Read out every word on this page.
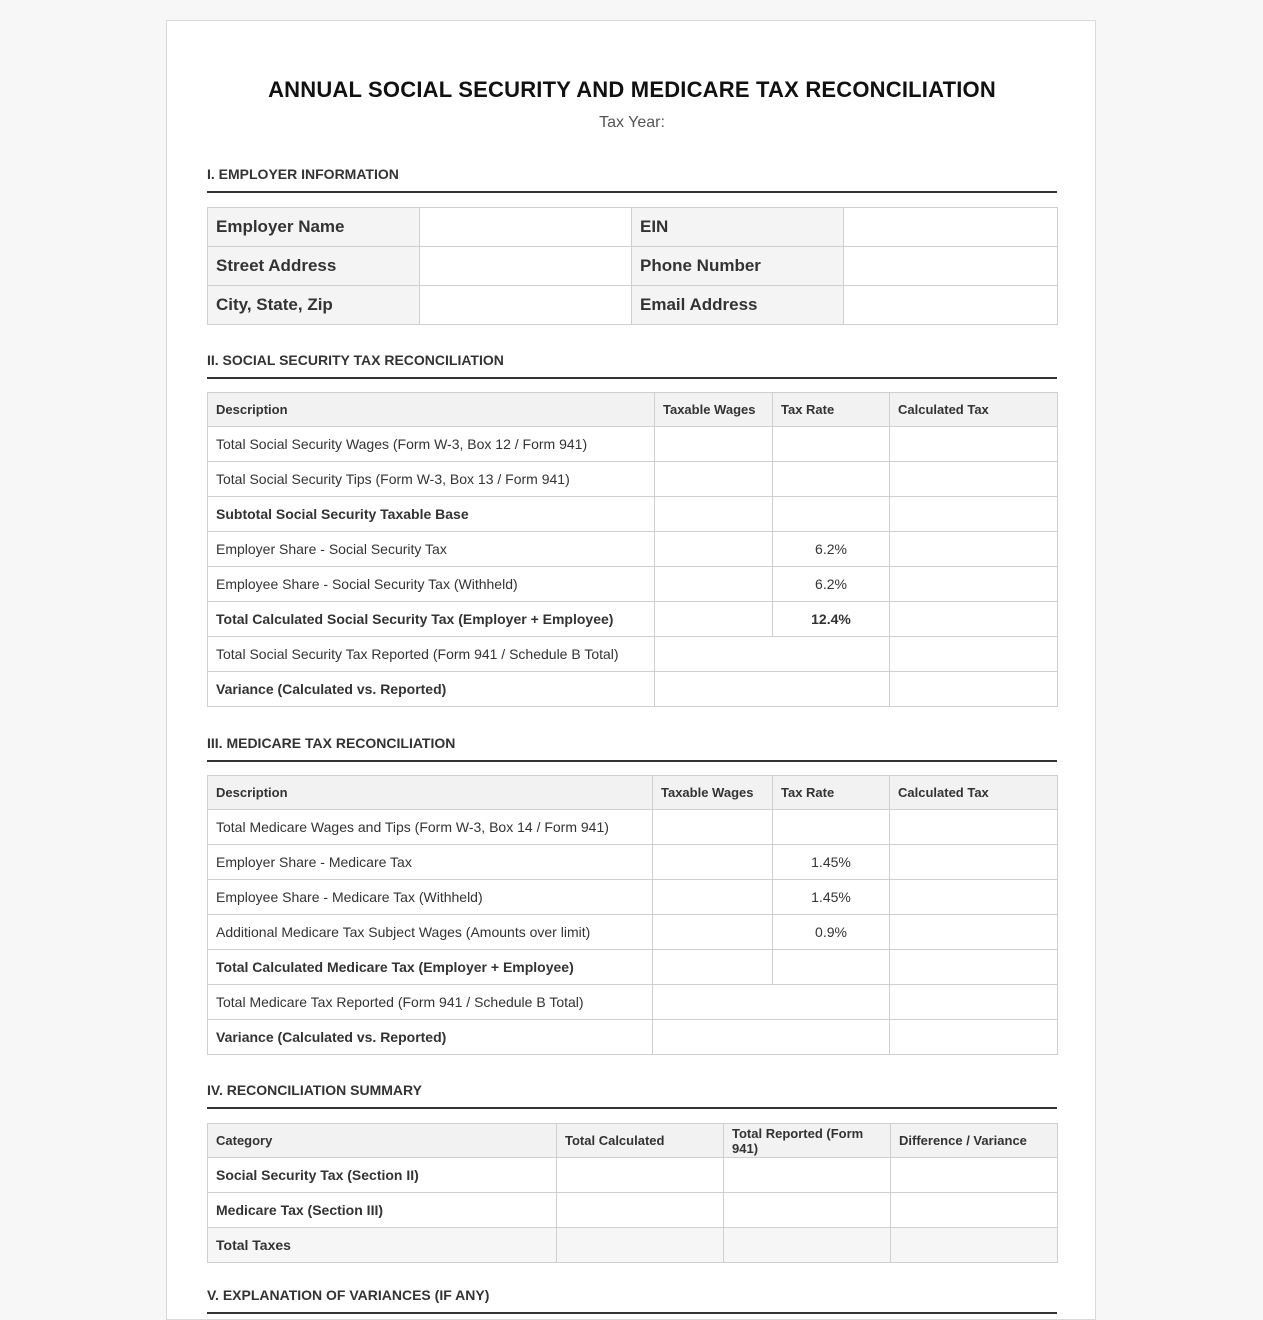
ANNUAL SOCIAL SECURITY AND MEDICARE TAX RECONCILIATION
Tax Year:
I. EMPLOYER INFORMATION
Employer Name		EIN	
Street Address		Phone Number	
City, State, Zip		Email Address	
II. SOCIAL SECURITY TAX RECONCILIATION
Description	Taxable Wages	Tax Rate	Calculated Tax
Total Social Security Wages (Form W-3, Box 12 / Form 941)			
Total Social Security Tips (Form W-3, Box 13 / Form 941)			
Subtotal Social Security Taxable Base			
Employer Share - Social Security Tax		6.2%	
Employee Share - Social Security Tax (Withheld)		6.2%	
Total Calculated Social Security Tax (Employer + Employee)		12.4%	
Total Social Security Tax Reported (Form 941 / Schedule B Total)			
Variance (Calculated vs. Reported)			
III. MEDICARE TAX RECONCILIATION
Description	Taxable Wages	Tax Rate	Calculated Tax
Total Medicare Wages and Tips (Form W-3, Box 14 / Form 941)			
Employer Share - Medicare Tax		1.45%	
Employee Share - Medicare Tax (Withheld)		1.45%	
Additional Medicare Tax Subject Wages (Amounts over limit)		0.9%	
Total Calculated Medicare Tax (Employer + Employee)			
Total Medicare Tax Reported (Form 941 / Schedule B Total)			
Variance (Calculated vs. Reported)			
IV. RECONCILIATION SUMMARY
Category	Total Calculated	Total Reported (Form 941)	Difference / Variance
Social Security Tax (Section II)			
Medicare Tax (Section III)			
Total Taxes			
V. EXPLANATION OF VARIANCES (IF ANY)
